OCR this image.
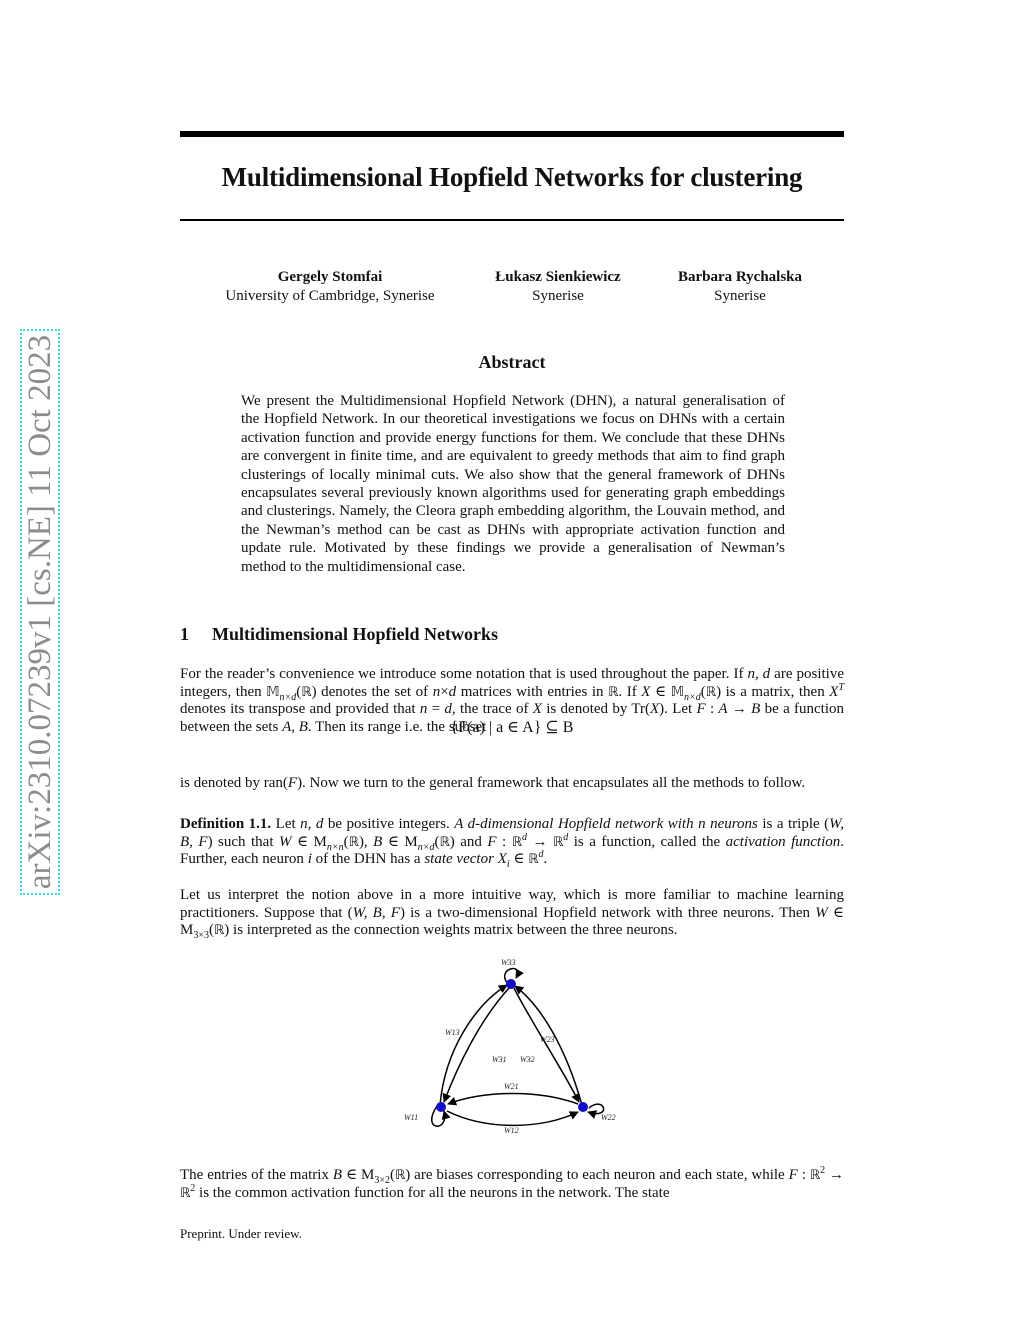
arXiv:2310.07239v1 [cs.NE] 11 Oct 2023
Multidimensional Hopfield Networks for clustering
Gergely Stomfai
University of Cambridge, Synerise
Łukasz Sienkiewicz
Synerise
Barbara Rychalska
Synerise
Abstract
We present the Multidimensional Hopfield Network (DHN), a natural generalisation of the Hopfield Network. In our theoretical investigations we focus on DHNs with a certain activation function and provide energy functions for them. We conclude that these DHNs are convergent in finite time, and are equivalent to greedy methods that aim to find graph clusterings of locally minimal cuts. We also show that the general framework of DHNs encapsulates several previously known algorithms used for generating graph embeddings and clusterings. Namely, the Cleora graph embedding algorithm, the Louvain method, and the Newman’s method can be cast as DHNs with appropriate activation function and update rule. Motivated by these findings we provide a generalisation of Newman’s method to the multidimensional case.
1 Multidimensional Hopfield Networks
For the reader’s convenience we introduce some notation that is used throughout the paper. If n, d are positive integers, then 𝕄$_{n\times d}$(ℝ) denotes the set of n×d matrices with entries in ℝ. If X ∈ 𝕄$_{n\times d}$(ℝ) is a matrix, then $X^T$ denotes its transpose and provided that n = d, the trace of X is denoted by Tr(X). Let F : A → B be a function between the sets A, B. Then its range i.e. the subset
{F(a) | a ∈ A} ⊆ B
is denoted by ran(F). Now we turn to the general framework that encapsulates all the methods to follow.
Definition 1.1. Let n, d be positive integers. A d-dimensional Hopfield network with n neurons is a triple (W, B, F) such that W ∈ $M_{n\times n}(ℝ)$, B ∈ $M_{n\times d}(ℝ)$ and F : ℝ$^d$ → ℝ$^d$ is a function, called the activation function. Further, each neuron i of the DHN has a state vector $X_i$ ∈ ℝ$^d$.
Let us interpret the notion above in a more intuitive way, which is more familiar to machine learning practitioners. Suppose that (W, B, F) is a two-dimensional Hopfield network with three neurons. Then W ∈ $M_{3\times 3}(ℝ)$ is interpreted as the connection weights matrix between the three neurons.
W33
W13
W23
W31 W32
W21
W12
W11	W22
The entries of the matrix B ∈ $M_{3\times 2}(ℝ)$ are biases corresponding to each neuron and each state, while F : ℝ$^2$ → ℝ$^2$ is the common activation function for all the neurons in the network. The state
Preprint. Under review.
